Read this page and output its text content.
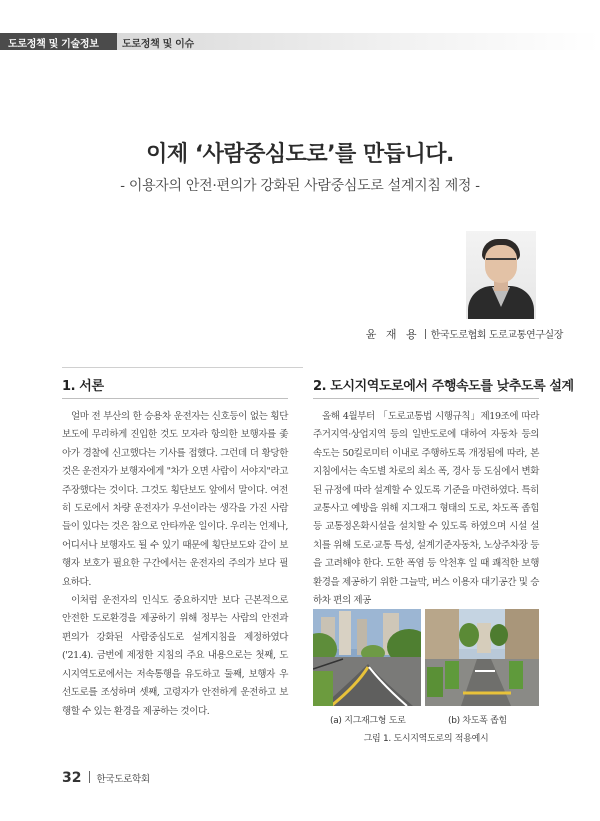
도로정책 및 기술정보 도로정책 및 이슈
이제 ‘사람중심도로’를 만듭니다.
- 이용자의 안전·편의가 강화된 사람중심도로 설계지침 제정 -
윤 재 용 한국도로협회 도로교통연구실장
1. 서론

얼마 전 부산의 한 승용차 운전자는 신호등이 없는 횡단보도에 무리하게 진입한 것도 모자라 항의한 보행자를 좇아가 경찰에 신고했다는 기사를 접했다. 그런데 더 황당한 것은 운전자가 보행자에게 "차가 오면 사람이 서야지"라고 주장했다는 것이다. 그것도 횡단보도 앞에서 말이다. 여전히 도로에서 차량 운전자가 우선이라는 생각을 가진 사람들이 있다는 것은 참으로 안타까운 일이다. 우리는 언제나, 어디서나 보행자도 될 수 있기 때문에 횡단보도와 같이 보행자 보호가 필요한 구간에서는 운전자의 주의가 보다 필요하다.

이처럼 운전자의 인식도 중요하지만 보다 근본적으로 안전한 도로환경을 제공하기 위해 정부는 사람의 안전과 편의가 강화된 사람중심도로 설계지침을 제정하였다('21.4). 금번에 제정한 지침의 주요 내용으로는 첫째, 도시지역도로에서는 저속통행을 유도하고 둘째, 보행자 우선도로를 조성하며 셋째, 고령자가 안전하게 운전하고 보행할 수 있는 환경을 제공하는 것이다.

2. 도시지역도로에서 주행속도를 낮추도록 설계

올해 4월부터 「도로교통법 시행규칙」제19조에 따라 주거지역·상업지역 등의 일반도로에 대하여 자동차 등의 속도는 50킬로미터 이내로 주행하도록 개정됨에 따라, 본 지침에서는 속도별 차로의 최소 폭, 경사 등 도심에서 변화된 규정에 따라 설계할 수 있도록 기준을 마련하였다. 특히 교통사고 예방을 위해 지그재그 형태의 도로, 차도폭 좁힘 등 교통정온화시설을 설치할 수 있도록 하였으며 시설 설치를 위해 도로·교통 특성, 설계기준자동차, 노상주차장 등을 고려해야 한다. 도한 폭염 등 악천후 일 때 쾌적한 보행환경을 제공하기 위한 그늘막, 버스 이용자 대기공간 및 승하차 편의 제공

(a) 지그재그형 도로	(b) 차도폭 좁힘
그림 1. 도시지역도로의 적용예시
32 한국도로학회
